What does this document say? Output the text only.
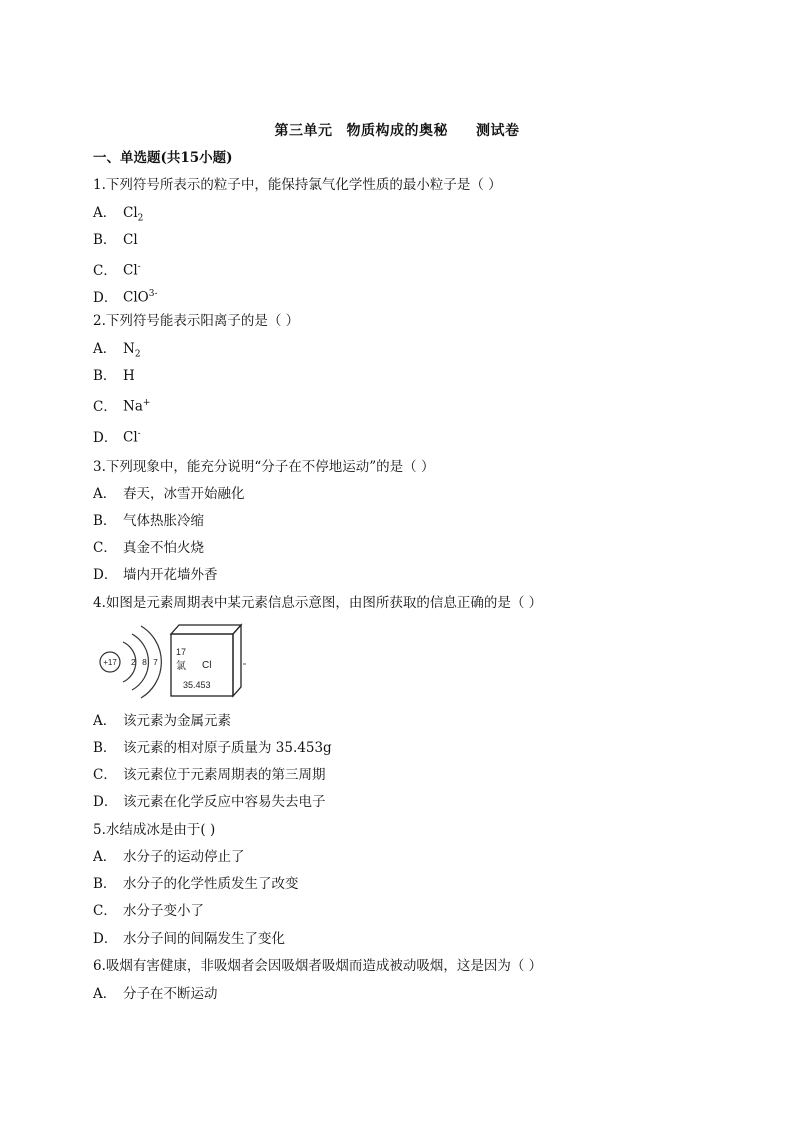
第三单元 物质构成的奥秘 测试卷
一、单选题(共15小题)
1.下列符号所表示的粒子中，能保持氯气化学性质的最小粒子是（ ）
A． $Cl_2$
B． Cl
C． Cl-
D． ClO$^{3-}$
2.下列符号能表示阳离子的是（ ）
A． $N_2$
B． H
C． Na+
D． Cl-
3.下列现象中，能充分说明“分子在不停地运动”的是（ ）
A． 春天，冰雪开始融化
B． 气体热胀冷缩
C． 真金不怕火烧
D． 墙内开花墙外香
4.如图是元素周期表中某元素信息示意图，由图所获取的信息正确的是（ ）
+17 2 8 7
17
氯 Cl
35.453
A． 该元素为金属元素
B． 该元素的相对原子质量为 35.453g
C． 该元素位于元素周期表的第三周期
D． 该元素在化学反应中容易失去电子
5.水结成冰是由于( )
A． 水分子的运动停止了
B． 水分子的化学性质发生了改变
C． 水分子变小了
D． 水分子间的间隔发生了变化
6.吸烟有害健康，非吸烟者会因吸烟者吸烟而造成被动吸烟，这是因为（ ）
A． 分子在不断运动
